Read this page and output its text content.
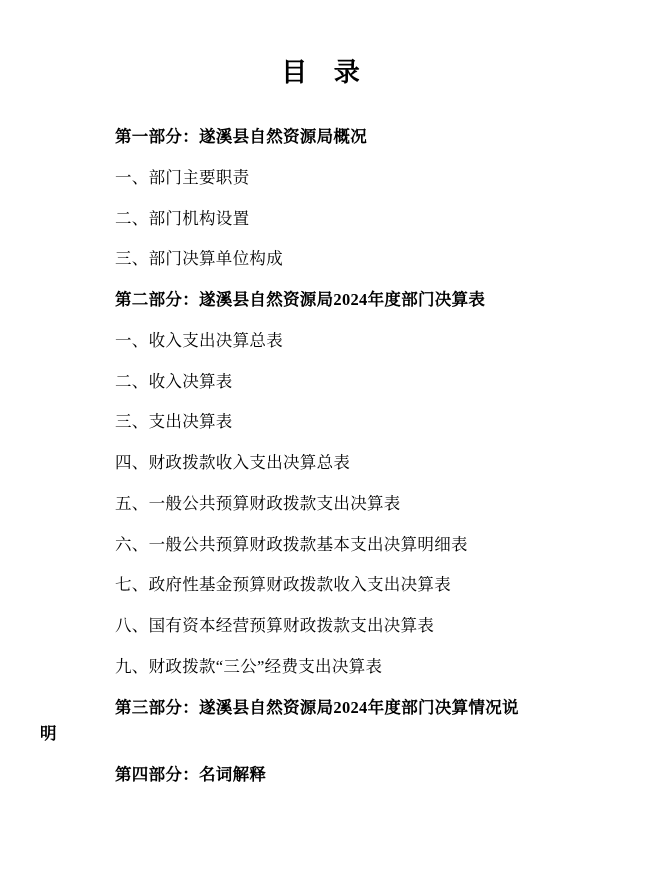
目 录
第一部分：遂溪县自然资源局概况
一、部门主要职责
二、部门机构设置
三、部门决算单位构成
第二部分：遂溪县自然资源局2024年度部门决算表
一、收入支出决算总表
二、收入决算表
三、支出决算表
四、财政拨款收入支出决算总表
五、一般公共预算财政拨款支出决算表
六、一般公共预算财政拨款基本支出决算明细表
七、政府性基金预算财政拨款收入支出决算表
八、国有资本经营预算财政拨款支出决算表
九、财政拨款“三公”经费支出决算表
第三部分：遂溪县自然资源局2024年度部门决算情况说
明
第四部分：名词解释
